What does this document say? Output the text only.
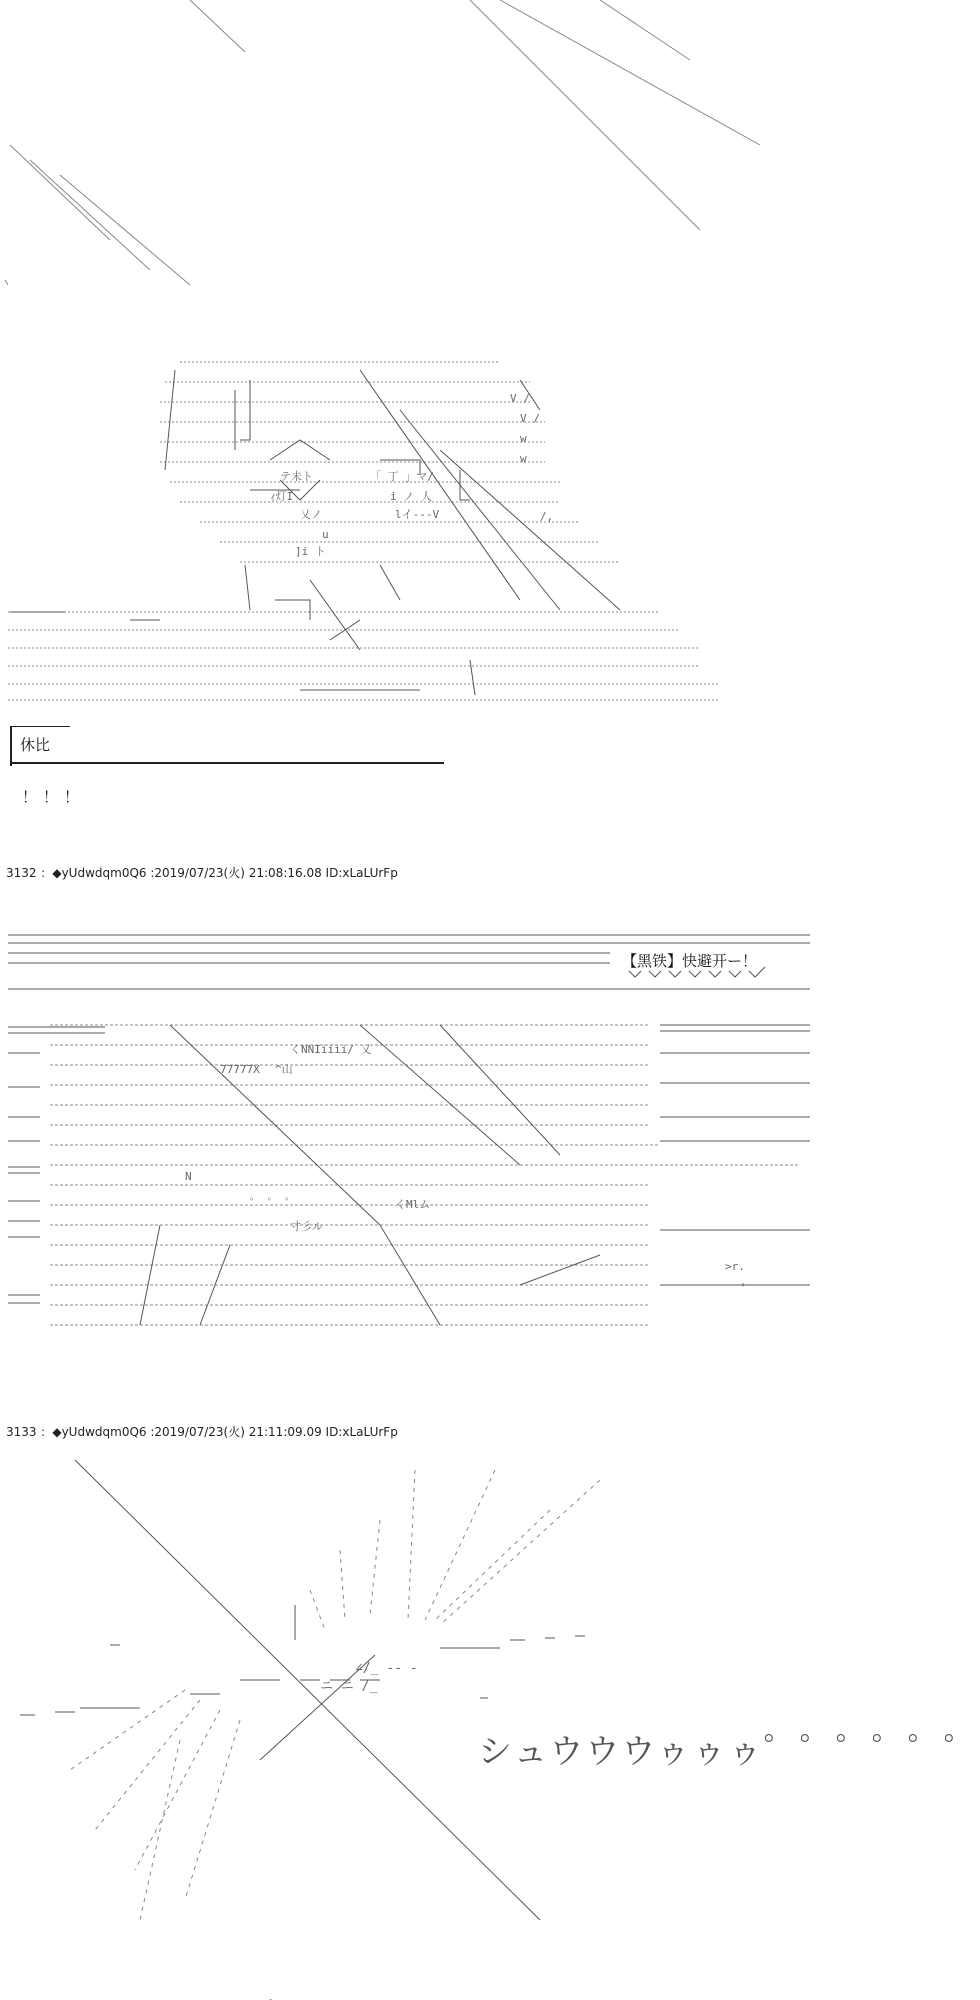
V /
V /
w
w
テ未ト	「 丁 」マ/
ｨ灯I	i ノ 人
乂ノ	lイ---V
u
]i ト
/,
休比
！！！
3132 ：◆yUdwdqm0Q6 :2019/07/23(火) 21:08:16.08 ID:xLaLUrFp
くNNIiiii/ 乂
77777X ^山
N
゜ ゜ ゜	くMlム
寸彡ル
>r.
,
【黑铁】快避开ー！
3133 ：◆yUdwdqm0Q6 :2019/07/23(火) 21:11:09.09 ID:xLaLUrFp
ニ ニ /_
∠/_ -- -
シュウウウゥゥゥ゜゜゜゜゜゜
